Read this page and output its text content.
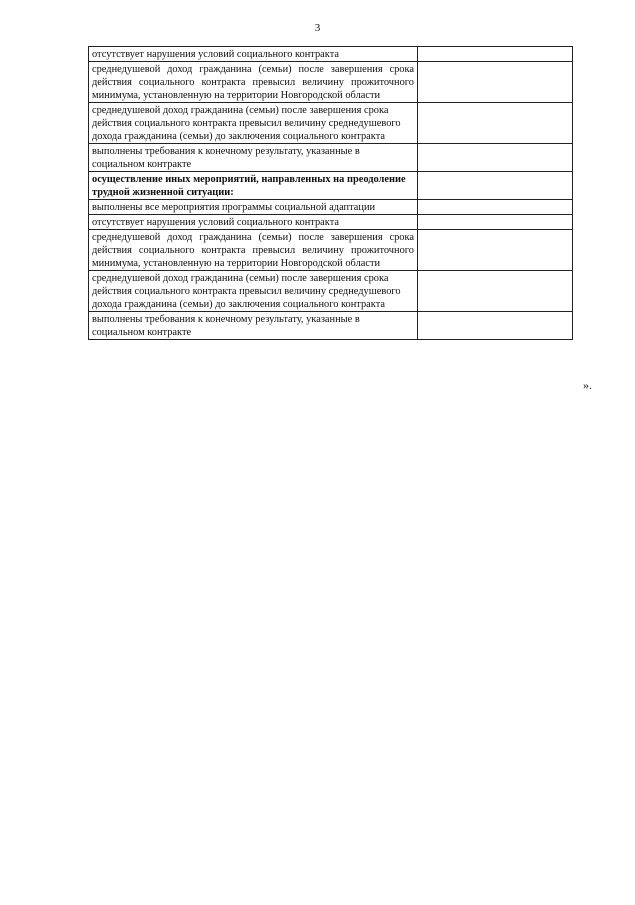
3
отсутствует нарушения условий социального контракта	
среднедушевой доход гражданина (семьи) после завершения срока действия социального контракта превысил величину прожиточного минимума, установленную на территории Новгородской области	
среднедушевой доход гражданина (семьи) после завершения срока действия социального контракта превысил величину среднедушевого дохода гражданина (семьи) до заключения социального контракта	
выполнены требования к конечному результату, указанные в социальном контракте	
осуществление иных мероприятий, направленных на преодоление трудной жизненной ситуации:	
выполнены все мероприятия программы социальной адаптации	
отсутствует нарушения условий социального контракта	
среднедушевой доход гражданина (семьи) после завершения срока действия социального контракта превысил величину прожиточного минимума, установленную на территории Новгородской области	
среднедушевой доход гражданина (семьи) после завершения срока действия социального контракта превысил величину среднедушевого дохода гражданина (семьи) до заключения социального контракта	
выполнены требования к конечному результату, указанные в социальном контракте	
».
